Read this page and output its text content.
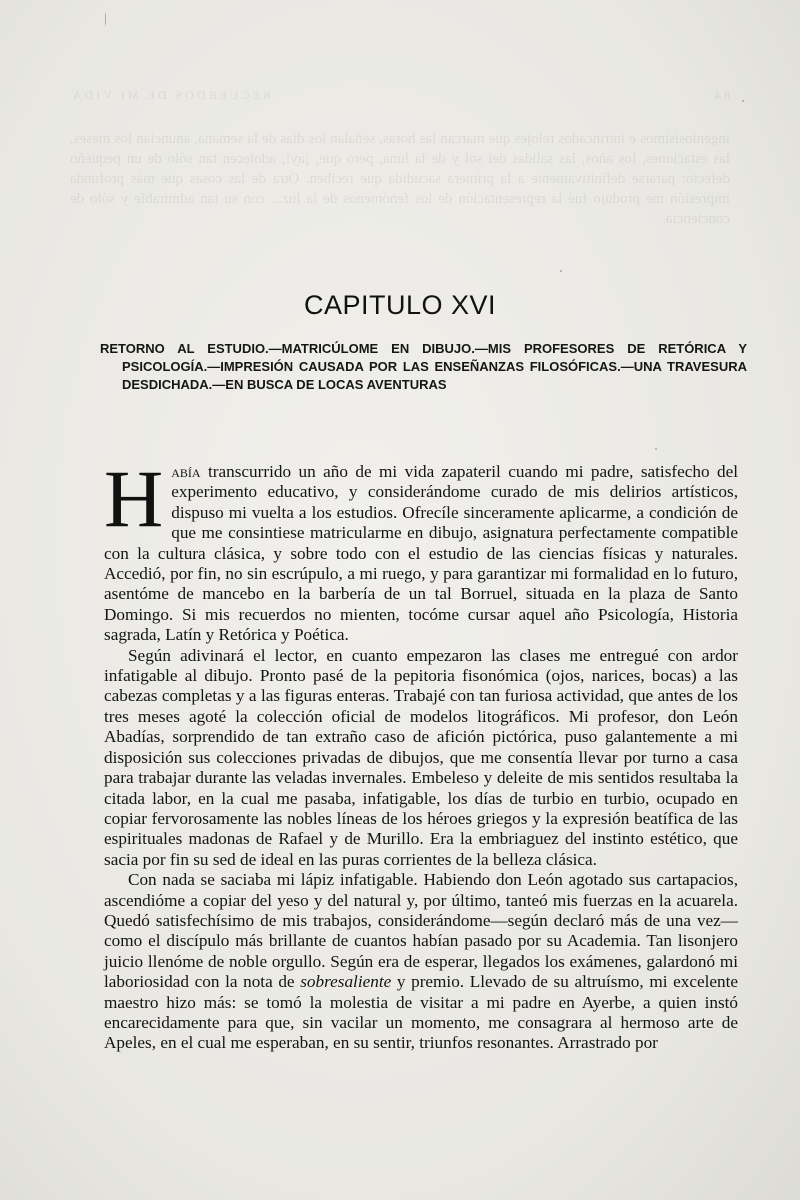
84
RECUERDOS DE MI VIDA

ingeniosísimos e intrincados relojes que marcan las horas, señalan los días de la semana, anuncian los meses, las estaciones, los años, las salidas del sol y de la luna, pero que, ¡ay!, adolecen tan sólo de un pequeño defecto: pararse definitivamente a la primera sacudida que reciben. Otra de las cosas que más profunda impresión me produjo fué la representación de los fenómenos de la luz... con su tan admirable y sólo de conciencia.

CAPITULO XVI
RETORNO AL ESTUDIO.—MATRICÚLOME EN DIBUJO.—MIS PROFESORES DE RETÓRICA Y PSICOLOGÍA.—IMPRESIÓN CAUSADA POR LAS ENSEÑANZAS FILOSÓFICAS.—UNA TRAVESURA DESDICHADA.—EN BUSCA DE LOCAS AVENTURAS

Había transcurrido un año de mi vida zapateril cuando mi padre, satisfecho del experimento educativo, y considerándome curado de mis delirios artísticos, dispuso mi vuelta a los estudios. Ofrecíle sinceramente aplicarme, a condición de que me consintiese matricularme en dibujo, asignatura perfectamente compatible con la cultura clásica, y sobre todo con el estudio de las ciencias físicas y naturales. Accedió, por fin, no sin escrúpulo, a mi ruego, y para garantizar mi formalidad en lo futuro, asentóme de mancebo en la barbería de un tal Borruel, situada en la plaza de Santo Domingo. Si mis recuerdos no mienten, tocóme cursar aquel año Psicología, Historia sagrada, Latín y Retórica y Poética.

Según adivinará el lector, en cuanto empezaron las clases me entregué con ardor infatigable al dibujo. Pronto pasé de la pepitoria fisonómica (ojos, narices, bocas) a las cabezas completas y a las figuras enteras. Trabajé con tan furiosa actividad, que antes de los tres meses agoté la colección oficial de modelos litográficos. Mi profesor, don León Abadías, sorprendido de tan extraño caso de afición pictórica, puso galantemente a mi disposición sus colecciones privadas de dibujos, que me consentía llevar por turno a casa para trabajar durante las veladas invernales. Embeleso y deleite de mis sentidos resultaba la citada labor, en la cual me pasaba, infatigable, los días de turbio en turbio, ocupado en copiar fervorosamente las nobles líneas de los héroes griegos y la expresión beatífica de las espirituales madonas de Rafael y de Murillo. Era la embriaguez del instinto estético, que sacia por fin su sed de ideal en las puras corrientes de la belleza clásica.

Con nada se saciaba mi lápiz infatigable. Habiendo don León agotado sus cartapacios, ascendióme a copiar del yeso y del natural y, por último, tanteó mis fuerzas en la acuarela. Quedó satisfechísimo de mis trabajos, considerándome—según declaró más de una vez—como el discípulo más brillante de cuantos habían pasado por su Academia. Tan lisonjero juicio llenóme de noble orgullo. Según era de esperar, llegados los exámenes, galardonó mi laboriosidad con la nota de sobresaliente y premio. Llevado de su altruísmo, mi excelente maestro hizo más: se tomó la molestia de visitar a mi padre en Ayerbe, a quien instó encarecidamente para que, sin vacilar un momento, me consagrara al hermoso arte de Apeles, en el cual me esperaban, en su sentir, triunfos resonantes. Arrastrado por
